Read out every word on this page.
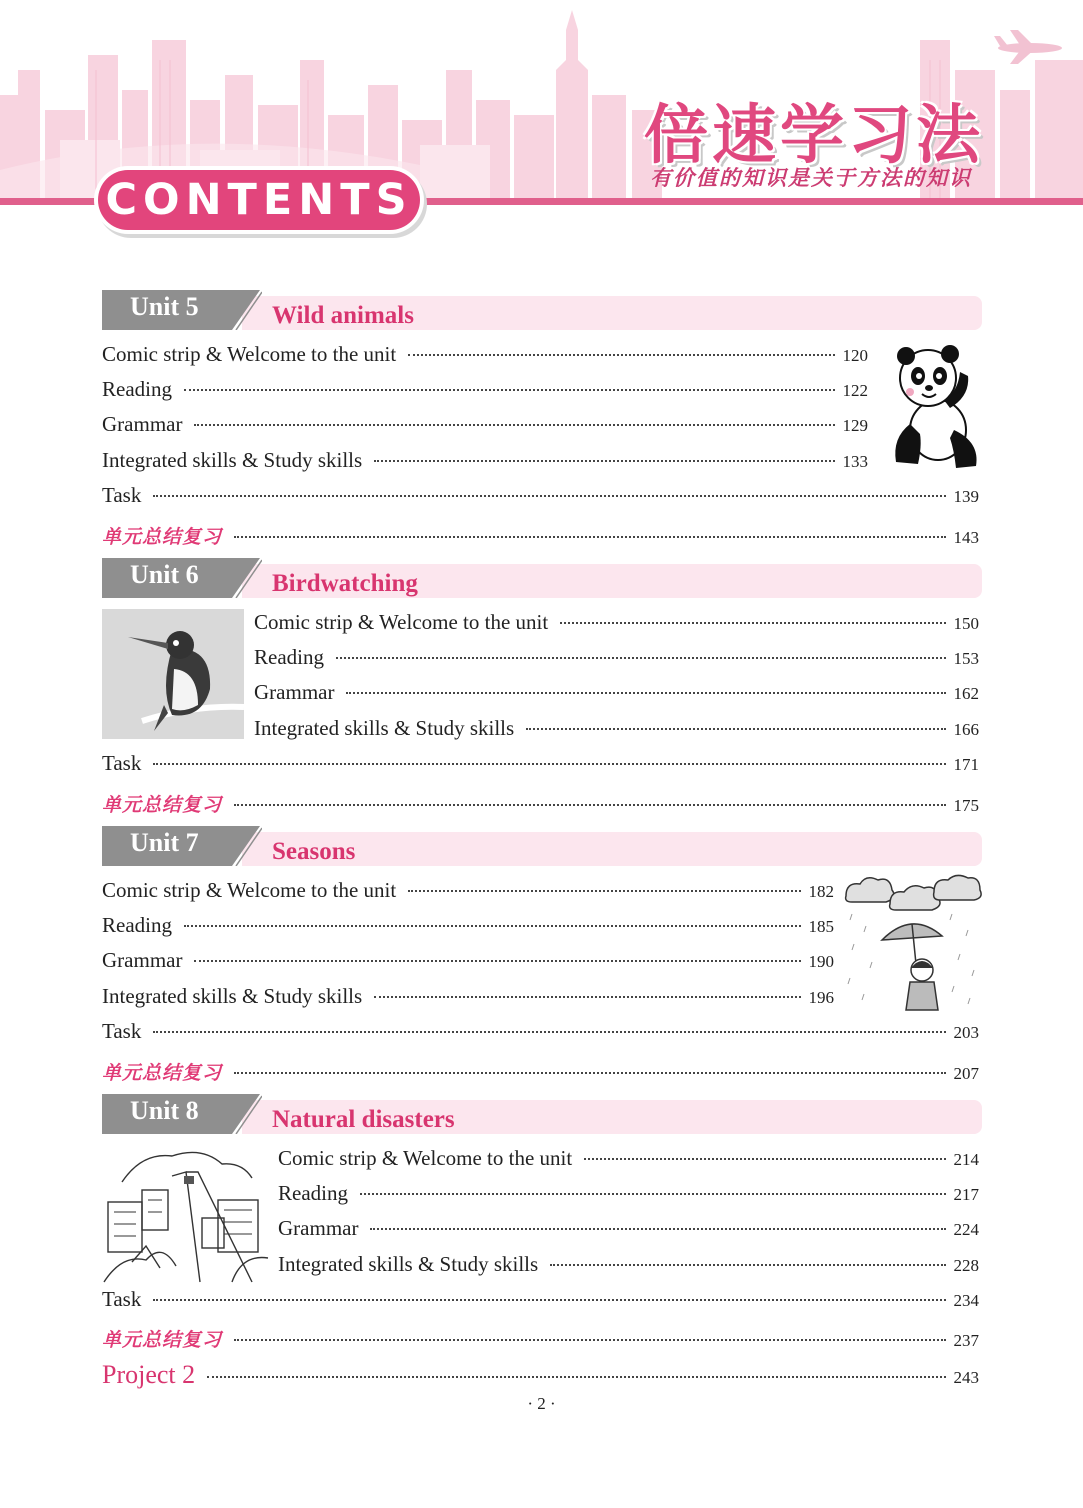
倍速学习法
有价值的知识是关于方法的知识
CONTENTS
Unit 5	Wild animals
Comic strip & Welcome to the unit	120
Reading	122
Grammar	129
Integrated skills & Study skills	133
Task	139
单元总结复习	143
Unit 6	Birdwatching
Comic strip & Welcome to the unit	150
Reading	153
Grammar	162
Integrated skills & Study skills	166
Task	171
单元总结复习	175
Unit 7	Seasons
Comic strip & Welcome to the unit	182
Reading	185
Grammar	190
Integrated skills & Study skills	196
Task	203
单元总结复习	207
Unit 8	Natural disasters
Comic strip & Welcome to the unit	214
Reading	217
Grammar	224
Integrated skills & Study skills	228
Task	234
单元总结复习	237
Project 2	243
· 2 ·
